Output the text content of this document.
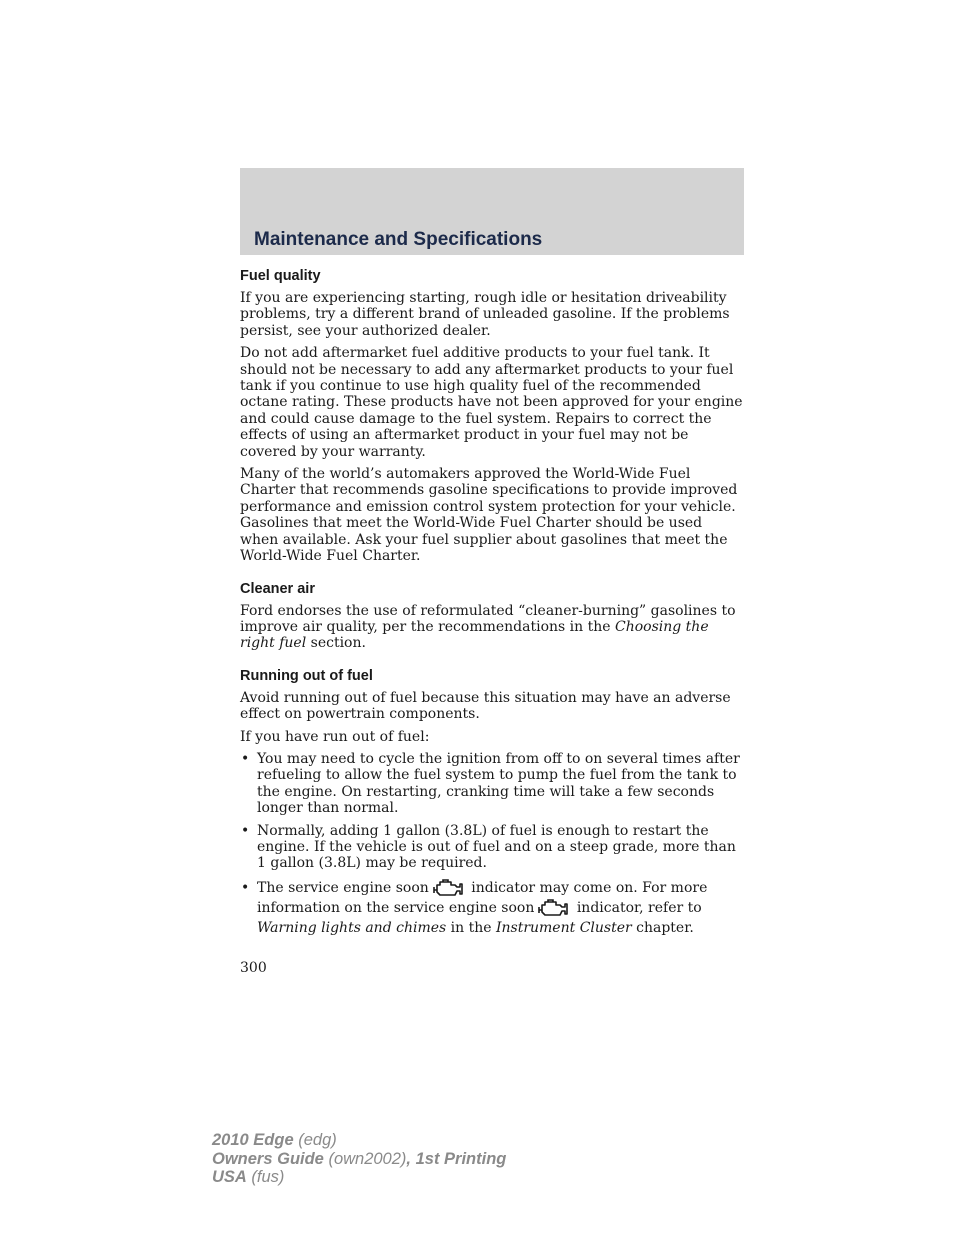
Maintenance and Specifications
Fuel quality

If you are experiencing starting, rough idle or hesitation driveability problems, try a different brand of unleaded gasoline. If the problems persist, see your authorized dealer.

Do not add aftermarket fuel additive products to your fuel tank. It should not be necessary to add any aftermarket products to your fuel tank if you continue to use high quality fuel of the recommended octane rating. These products have not been approved for your engine and could cause damage to the fuel system. Repairs to correct the effects of using an aftermarket product in your fuel may not be covered by your warranty.

Many of the world’s automakers approved the World-Wide Fuel Charter that recommends gasoline specifications to provide improved performance and emission control system protection for your vehicle. Gasolines that meet the World-Wide Fuel Charter should be used when available. Ask your fuel supplier about gasolines that meet the World-Wide Fuel Charter.

Cleaner air

Ford endorses the use of reformulated “cleaner-burning” gasolines to improve air quality, per the recommendations in the Choosing the right fuel section.

Running out of fuel

Avoid running out of fuel because this situation may have an adverse effect on powertrain components.

If you have run out of fuel:

• You may need to cycle the ignition from off to on several times after refueling to allow the fuel system to pump the fuel from the tank to the engine. On restarting, cranking time will take a few seconds longer than normal.
• Normally, adding 1 gallon (3.8L) of fuel is enough to restart the engine. If the vehicle is out of fuel and on a steep grade, more than 1 gallon (3.8L) may be required.
• The service engine soon	indicator may come on. For more information on the service engine soon	indicator, refer to Warning lights and chimes in the Instrument Cluster chapter.
300
2010 Edge (edg)
Owners Guide (own2002), 1st Printing
USA (fus)
